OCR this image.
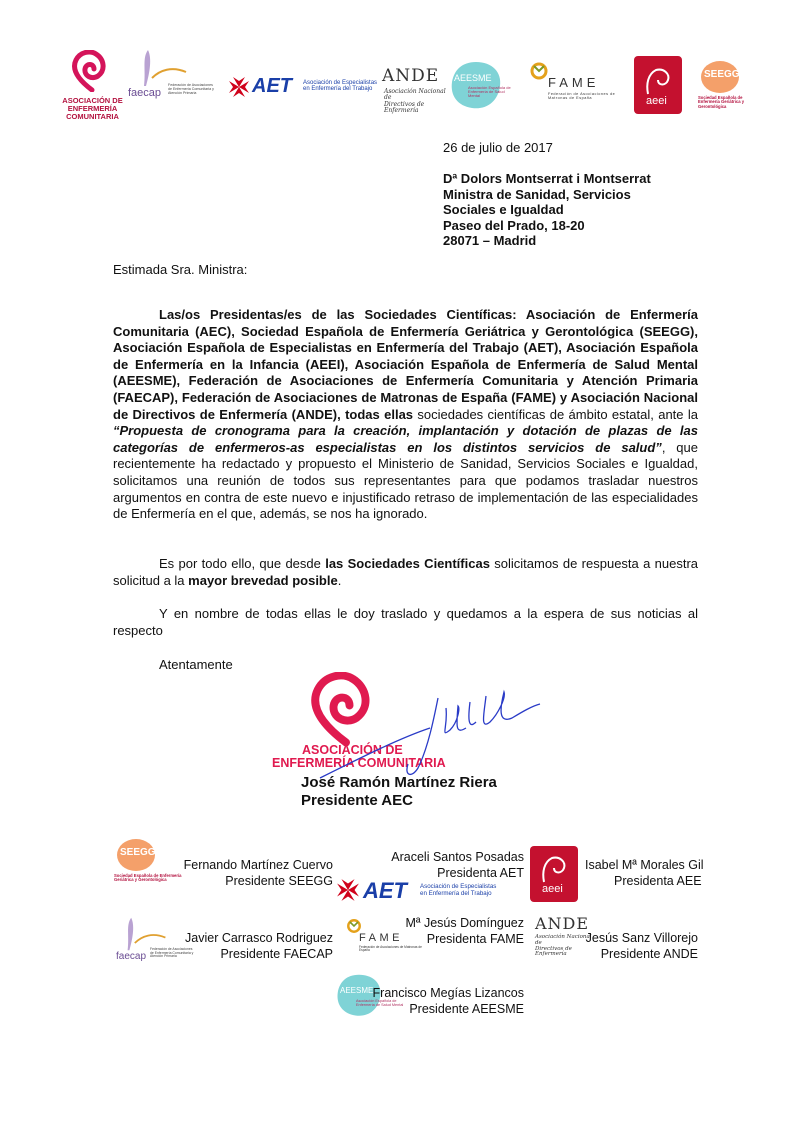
ASOCIACIÓN DE
ENFERMERÍA COMUNITARIA
faecap
Federación de Asociaciones de Enfermería Comunitaria y Atención Primaria	AET Asociación de Especialistas
en Enfermería del Trabajo
ANDE
Asociación Nacional de
Directivos de Enfermería
AEESME
Asociación Española de Enfermería de Salud Mental
FAME
Federación de Asociaciones de Matronas de España	aeei
SEEGG
Sociedad Española de Enfermería Geriátrica y Gerontológica
26 de julio de 2017
Dª Dolors Montserrat i Montserrat
Ministra de Sanidad, Servicios
Sociales e Igualdad
Paseo del Prado, 18-20
28071 – Madrid
Estimada Sra. Ministra:
Las/os Presidentas/es de las Sociedades Científicas: Asociación de Enfermería Comunitaria (AEC), Sociedad Española de Enfermería Geriátrica y Gerontológica (SEEGG), Asociación Española de Especialistas en Enfermería del Trabajo (AET), Asociación Española de Enfermería en la Infancia (AEEI), Asociación Española de Enfermería de Salud Mental (AEESME), Federación de Asociaciones de Enfermería Comunitaria y Atención Primaria (FAECAP), Federación de Asociaciones de Matronas de España (FAME) y Asociación Nacional de Directivos de Enfermería (ANDE), todas ellas sociedades científicas de ámbito estatal, ante la “Propuesta de cronograma para la creación, implantación y dotación de plazas de las categorías de enfermeros-as especialistas en los distintos servicios de salud”, que recientemente ha redactado y propuesto el Ministerio de Sanidad, Servicios Sociales e Igualdad, solicitamos una reunión de todos sus representantes para que podamos trasladar nuestros argumentos en contra de este nuevo e injustificado retraso de implementación de las especialidades de Enfermería en el que, además, se nos ha ignorado.
Es por todo ello, que desde las Sociedades Científicas solicitamos de respuesta a nuestra solicitud a la mayor brevedad posible.
Y en nombre de todas ellas le doy traslado y quedamos a la espera de sus noticias al respecto
Atentamente
ASOCIACIÓN DE
ENFERMERÍA COMUNITARIA
José Ramón Martínez Riera
Presidente AEC
SEEGG
Sociedad Española de Enfermería Geriátrica y Gerontológica
Fernando Martínez Cuervo
Presidente SEEGG
Araceli Santos Posadas
Presidenta AET
AET Asociación de Especialistas
en Enfermería del Trabajo	aeei
Isabel Mª Morales Gil
Presidenta AEE
faecap
Federación de Asociaciones de Enfermería Comunitaria y Atención Primaria
Javier Carrasco Rodriguez
Presidente FAECAP
FAME
Federación de Asociaciones de Matronas de España
Mª Jesús Domínguez
Presidenta FAME
ANDE
Asociación Nacional de
Directivos de Enfermería
Jesús Sanz Villorejo
Presidente ANDE
AEESME
Asociación Española de Enfermería de Salud Mental
Francisco Megías Lizancos
Presidente AEESME
